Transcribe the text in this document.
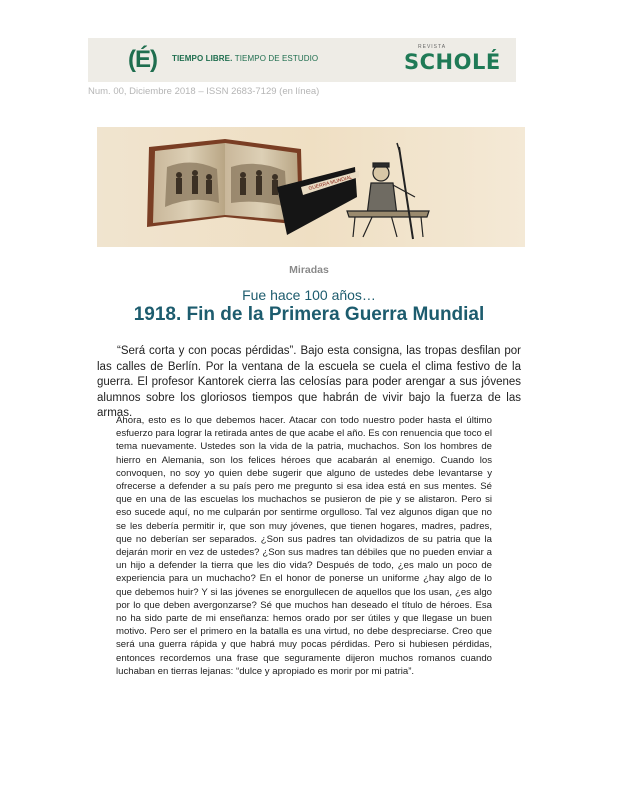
(É) TIEMPO LIBRE. TIEMPO DE ESTUDIO
REVISTA
SCHOLÉ
Num. 00, Diciembre 2018 – ISSN 2683-7129 (en línea)
GUERRA MUNDIAL
Miradas
Fue hace 100 años…
1918. Fin de la Primera Guerra Mundial

“Será corta y con pocas pérdidas”. Bajo esta consigna, las tropas desfilan por las calles de Berlín. Por la ventana de la escuela se cuela el clima festivo de la guerra. El profesor Kantorek cierra las celosías para poder arengar a sus jóvenes alumnos sobre los gloriosos tiempos que habrán de vivir bajo la fuerza de las armas.

Ahora, esto es lo que debemos hacer. Atacar con todo nuestro poder hasta el último esfuerzo para lograr la retirada antes de que acabe el año. Es con renuencia que toco el tema nuevamente. Ustedes son la vida de la patria, muchachos. Son los hombres de hierro en Alemania, son los felices héroes que acabarán al enemigo. Cuando los convoquen, no soy yo quien debe sugerir que alguno de ustedes debe levantarse y ofrecerse a defender a su país pero me pregunto si esa idea está en sus mentes. Sé que en una de las escuelas los muchachos se pusieron de pie y se alistaron. Pero si eso sucede aquí, no me culparán por sentirme orgulloso. Tal vez algunos digan que no se les debería permitir ir, que son muy jóvenes, que tienen hogares, madres, padres, que no deberían ser separados. ¿Son sus padres tan olvidadizos de su patria que la dejarán morir en vez de ustedes? ¿Son sus madres tan débiles que no pueden enviar a un hijo a defender la tierra que les dio vida? Después de todo, ¿es malo un poco de experiencia para un muchacho? En el honor de ponerse un uniforme ¿hay algo de lo que debemos huir? Y si las jóvenes se enorgullecen de aquellos que los usan, ¿es algo por lo que deben avergonzarse? Sé que muchos han deseado el título de héroes. Esa no ha sido parte de mi enseñanza: hemos orado por ser útiles y que llegase un buen motivo. Pero ser el primero en la batalla es una virtud, no debe despreciarse. Creo que será una guerra rápida y que habrá muy pocas pérdidas. Pero si hubiesen pérdidas, entonces recordemos una frase que seguramente dijeron muchos romanos cuando luchaban en tierras lejanas: “dulce y apropiado es morir por mi patria”.
